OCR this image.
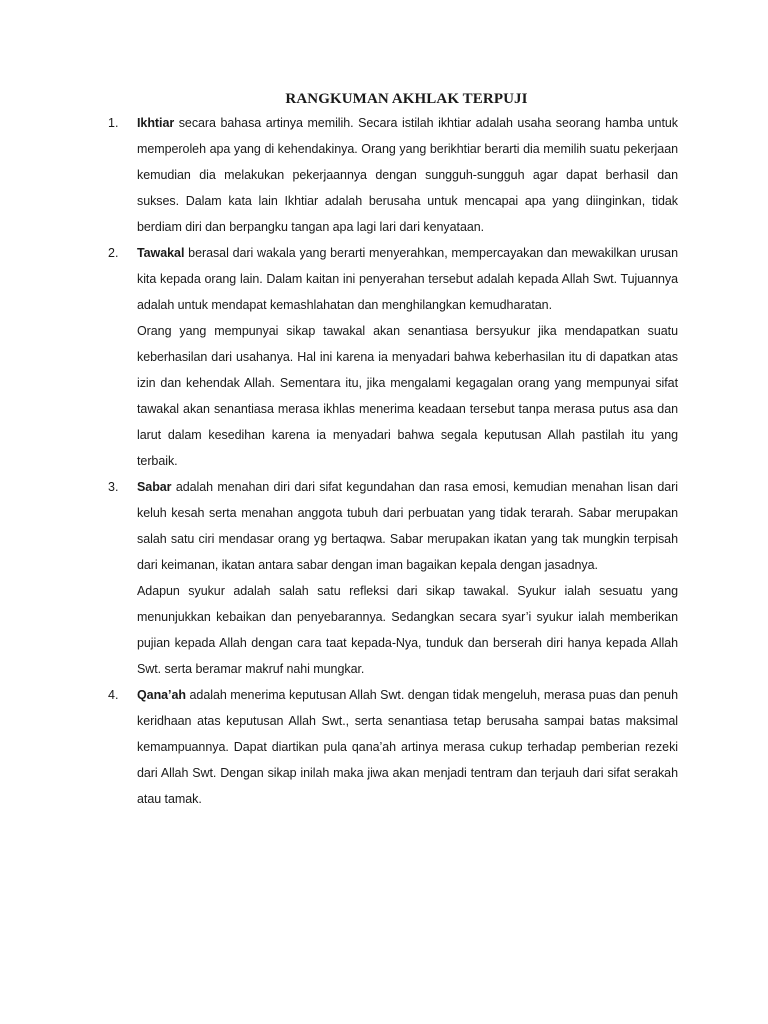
RANGKUMAN AKHLAK TERPUJI
1. Ikhtiar secara bahasa artinya memilih. Secara istilah ikhtiar adalah usaha seorang hamba untuk memperoleh apa yang di kehendakinya. Orang yang berikhtiar berarti dia memilih suatu pekerjaan kemudian dia melakukan pekerjaannya dengan sungguh-sungguh agar dapat berhasil dan sukses. Dalam kata lain Ikhtiar adalah berusaha untuk mencapai apa yang diinginkan, tidak berdiam diri dan berpangku tangan apa lagi lari dari kenyataan.

2. Tawakal berasal dari wakala yang berarti menyerahkan, mempercayakan dan mewakilkan urusan kita kepada orang lain. Dalam kaitan ini penyerahan tersebut adalah kepada Allah Swt. Tujuannya adalah untuk mendapat kemashlahatan dan menghilangkan kemudharatan.

Orang yang mempunyai sikap tawakal akan senantiasa bersyukur jika mendapatkan suatu keberhasilan dari usahanya. Hal ini karena ia menyadari bahwa keberhasilan itu di dapatkan atas izin dan kehendak Allah. Sementara itu, jika mengalami kegagalan orang yang mempunyai sifat tawakal akan senantiasa merasa ikhlas menerima keadaan tersebut tanpa merasa putus asa dan larut dalam kesedihan karena ia menyadari bahwa segala keputusan Allah pastilah itu yang terbaik.

3. Sabar adalah menahan diri dari sifat kegundahan dan rasa emosi, kemudian menahan lisan dari keluh kesah serta menahan anggota tubuh dari perbuatan yang tidak terarah. Sabar merupakan salah satu ciri mendasar orang yg bertaqwa. Sabar merupakan ikatan yang tak mungkin terpisah dari keimanan, ikatan antara sabar dengan iman bagaikan kepala dengan jasadnya.

Adapun syukur adalah salah satu refleksi dari sikap tawakal. Syukur ialah sesuatu yang menunjukkan kebaikan dan penyebarannya. Sedangkan secara syar’i syukur ialah memberikan pujian kepada Allah dengan cara taat kepada-Nya, tunduk dan berserah diri hanya kepada Allah Swt. serta beramar makruf nahi mungkar.

4. Qana’ah adalah menerima keputusan Allah Swt. dengan tidak mengeluh, merasa puas dan penuh keridhaan atas keputusan Allah Swt., serta senantiasa tetap berusaha sampai batas maksimal kemampuannya. Dapat diartikan pula qana’ah artinya merasa cukup terhadap pemberian rezeki dari Allah Swt. Dengan sikap inilah maka jiwa akan menjadi tentram dan terjauh dari sifat serakah atau tamak.
